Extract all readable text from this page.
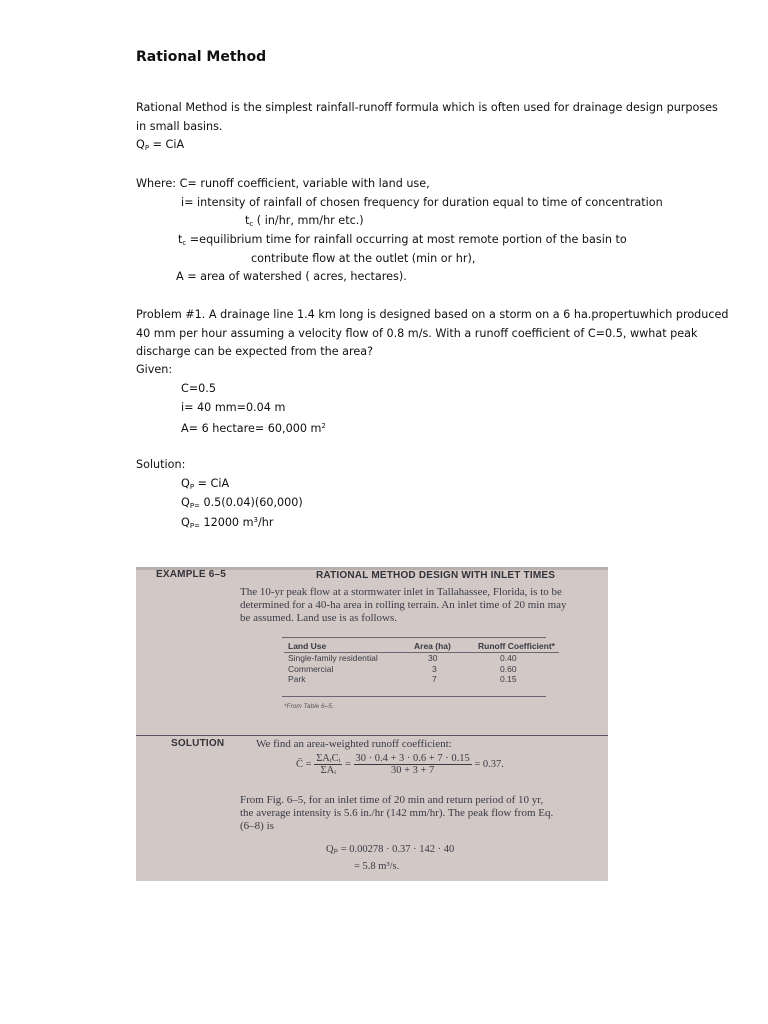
Rational Method
Rational Method is the simplest rainfall-runoff formula which is often used for drainage design purposes
in small basins.
$Q_P$ = CiA
Where: C= runoff coefficient, variable with land use,
i= intensity of rainfall of chosen frequency for duration equal to time of concentration
$t_c$ ( in/hr, mm/hr etc.)
$t_c$ =equilibrium time for rainfall occurring at most remote portion of the basin to
contribute flow at the outlet (min or hr),
A = area of watershed ( acres, hectares).
Problem #1. A drainage line 1.4 km long is designed based on a storm on a 6 ha.propertuwhich produced
40 mm per hour assuming a velocity flow of 0.8 m/s. With a runoff coefficient of C=0.5, wwhat peak
discharge can be expected from the area?
Given:
C=0.5
i= 40 mm=0.04 m
A= 6 hectare= 60,000 $m^2$
Solution:
$Q_P$ = CiA
$Q_{P=}$ 0.5(0.04)(60,000)
$Q_{P=}$ 12000 $m^3/hr$
EXAMPLE 6–5	RATIONAL METHOD DESIGN WITH INLET TIMES
The 10-yr peak flow at a stormwater inlet in Tallahassee, Florida, is to be
determined for a 40-ha area in rolling terrain. An inlet time of 20 min may
be assumed. Land use is as follows.
Land Use	Area (ha)	Runoff Coefficient*
Single-family residential	30	0.40
Commercial	3	0.60
Park	7	0.15
*From Table 6–5.
SOLUTION	We find an area-weighted runoff coefficient:
C̄ = $\frac{\text{ΣAᵢCᵢ}}{\text{ΣAᵢ}} = \frac{30 \cdot 0.4 + 3 \cdot 0.6 + 7 \cdot 0.15}{30 + 3 + 7} = 0.37$.
From Fig. 6–5, for an inlet time of 20 min and return period of 10 yr,
the average intensity is 5.6 in./hr (142 mm/hr). The peak flow from Eq.
(6–8) is
Qₚ = 0.00278 · 0.37 · 142 · 40
= 5.8 m³/s.
